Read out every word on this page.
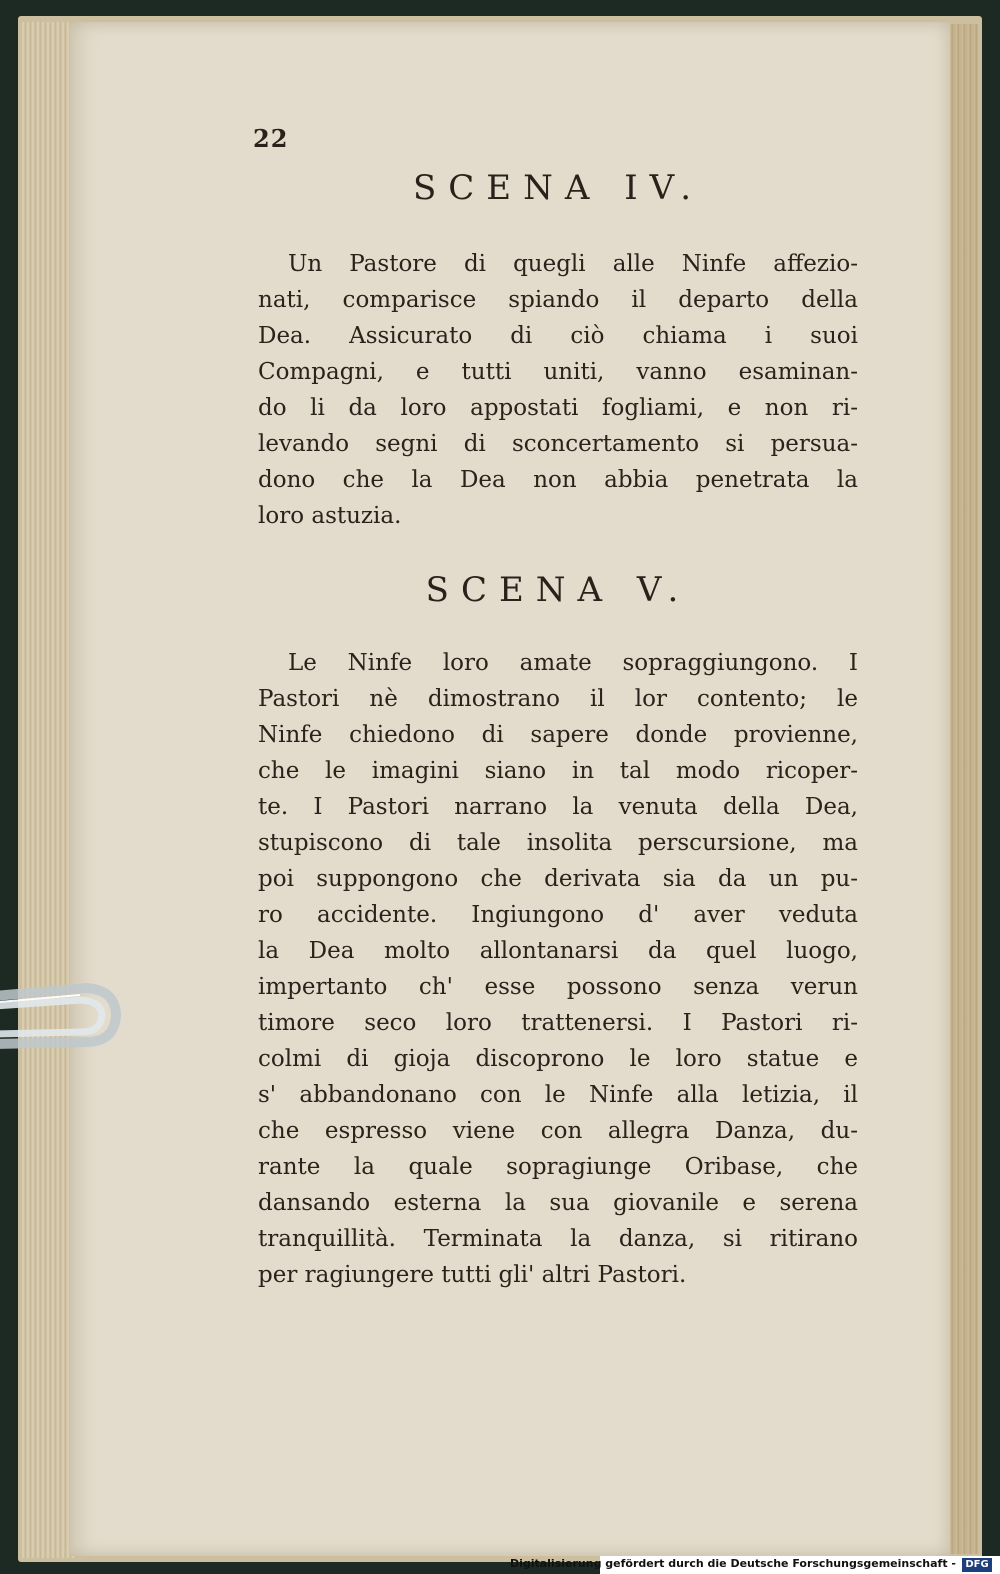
22
SCENA IV.
Un Pastore di quegli alle Ninfe affezio-
nati, comparisce spiando il departo della
Dea. Assicurato di ciò chiama i suoi
Compagni, e tutti uniti, vanno esaminan-
do li da loro appostati fogliami, e non ri-
levando segni di sconcertamento si persua-
dono che la Dea non abbia penetrata la
loro astuzia.
SCENA V.
Le Ninfe loro amate sopraggiungono. I
Pastori nè dimostrano il lor contento; le
Ninfe chiedono di sapere donde provienne,
che le imagini siano in tal modo ricoper-
te. I Pastori narrano la venuta della Dea,
stupiscono di tale insolita perscursione, ma
poi suppongono che derivata sia da un pu-
ro accidente. Ingiungono d' aver veduta
la Dea molto allontanarsi da quel luogo,
impertanto ch' esse possono senza verun
timore seco loro trattenersi. I Pastori ri-
colmi di gioja discoprono le loro statue e
s' abbandonano con le Ninfe alla letizia, il
che espresso viene con allegra Danza, du-
rante la quale sopragiunge Oribase, che
dansando esterna la sua giovanile e serena
tranquillità. Terminata la danza, si ritirano
per ragiungere tutti gli' altri Pastori.
Digitalisierung gefördert durch die Deutsche Forschungsgemeinschaft - DFG
